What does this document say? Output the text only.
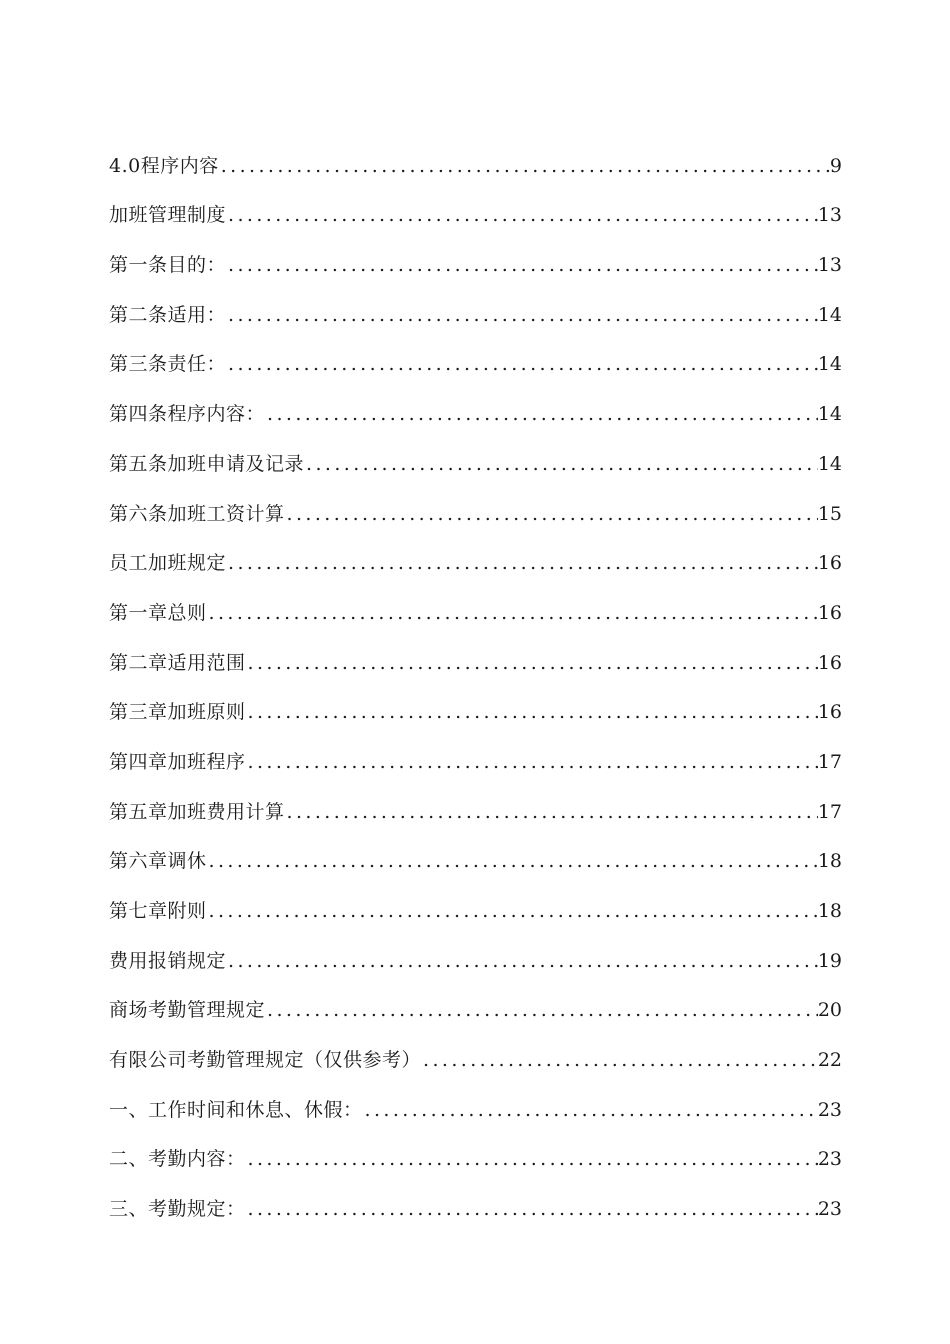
4.0程序内容 .....	9
加班管理制度 .....	13
第一条目的： .....	13
第二条适用： .....	14
第三条责任： .....	14
第四条程序内容： .....	14
第五条加班申请及记录 .....	14
第六条加班工资计算 .....	15
员工加班规定 .....	16
第一章总则 .....	16
第二章适用范围 .....	16
第三章加班原则 .....	16
第四章加班程序 .....	17
第五章加班费用计算 .....	17
第六章调休 .....	18
第七章附则 .....	18
费用报销规定 .....	19
商场考勤管理规定 .....	20
有限公司考勤管理规定（仅供参考） .....	22
一、工作时间和休息、休假： .....	23
二、考勤内容： .....	23
三、考勤规定： .....	23
